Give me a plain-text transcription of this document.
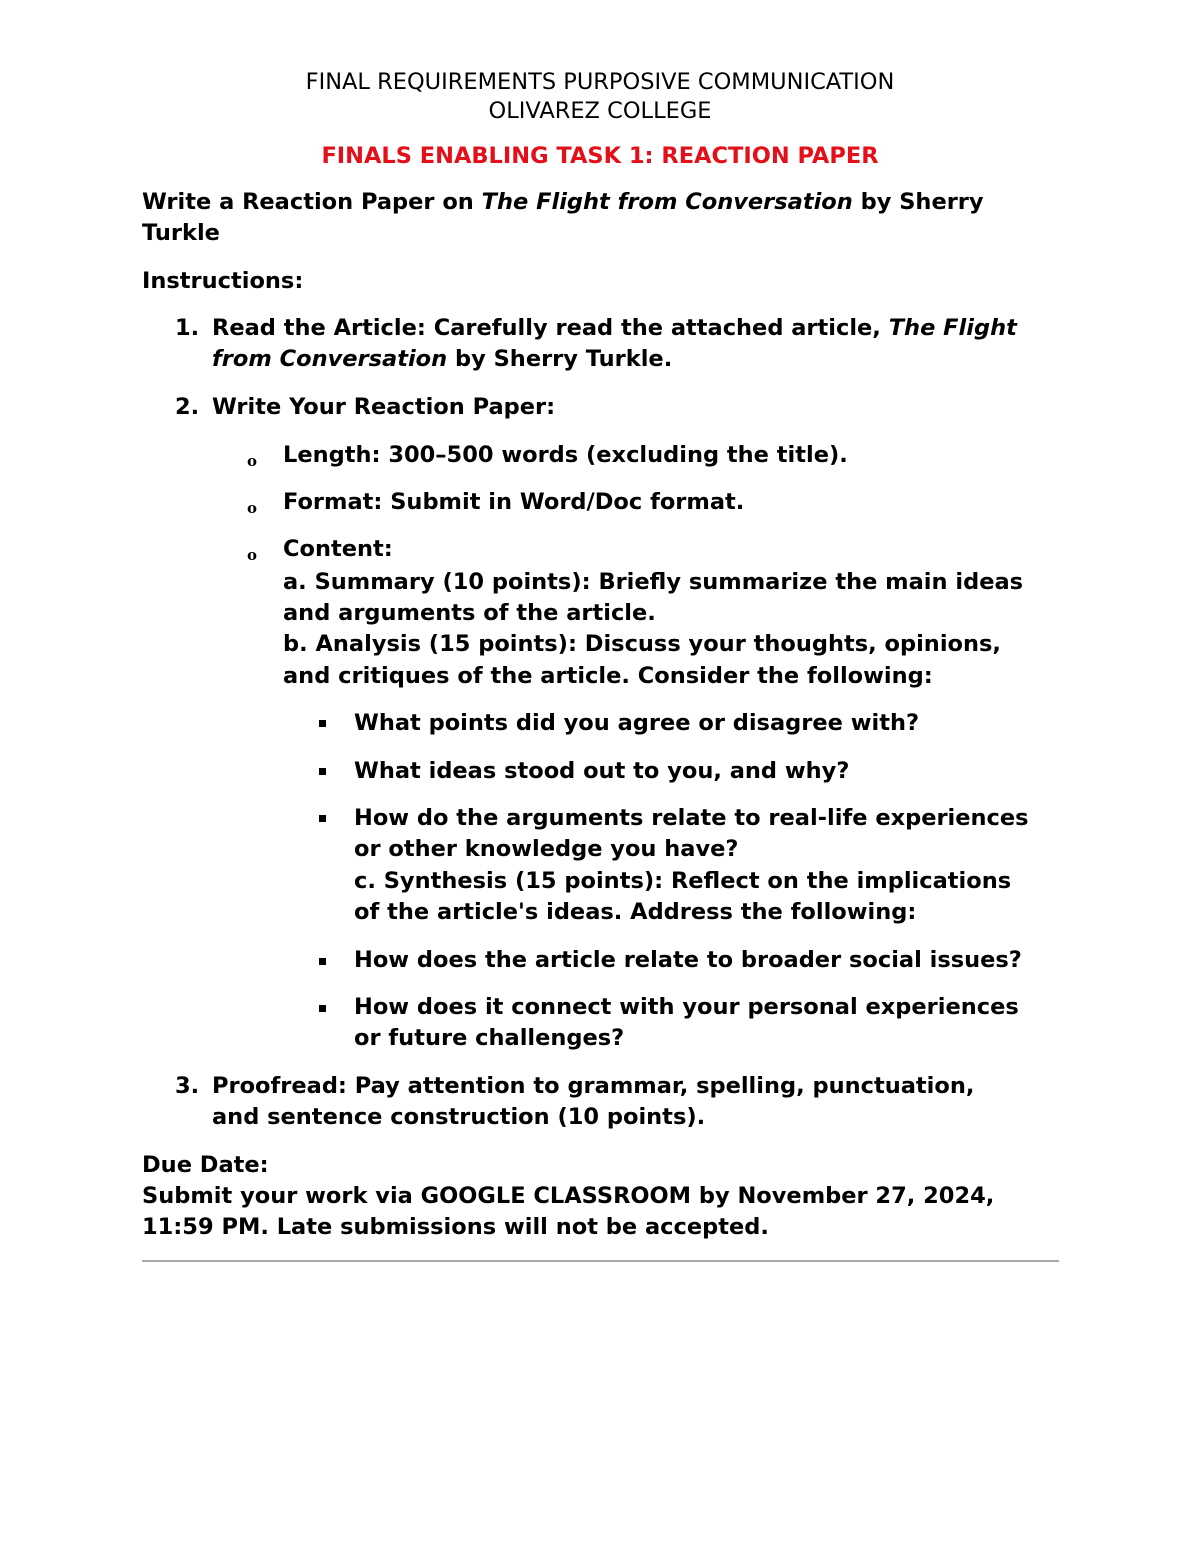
FINAL REQUIREMENTS PURPOSIVE COMMUNICATION
OLIVAREZ COLLEGE
FINALS ENABLING TASK 1: REACTION PAPER
Write a Reaction Paper on The Flight from Conversation by Sherry
Turkle
Instructions:
1. Read the Article: Carefully read the attached article, The Flight
from Conversation by Sherry Turkle.
2. Write Your Reaction Paper:
o Length: 300–500 words (excluding the title).
o Format: Submit in Word/Doc format.
o Content:
a. Summary (10 points): Briefly summarize the main ideas
and arguments of the article.
b. Analysis (15 points): Discuss your thoughts, opinions,
and critiques of the article. Consider the following:
What points did you agree or disagree with?
What ideas stood out to you, and why?
How do the arguments relate to real-life experiences
or other knowledge you have?
c. Synthesis (15 points): Reflect on the implications
of the article's ideas. Address the following:
How does the article relate to broader social issues?
How does it connect with your personal experiences
or future challenges?
3. Proofread: Pay attention to grammar, spelling, punctuation,
and sentence construction (10 points).
Due Date:
Submit your work via GOOGLE CLASSROOM by November 27, 2024,
11:59 PM. Late submissions will not be accepted.
